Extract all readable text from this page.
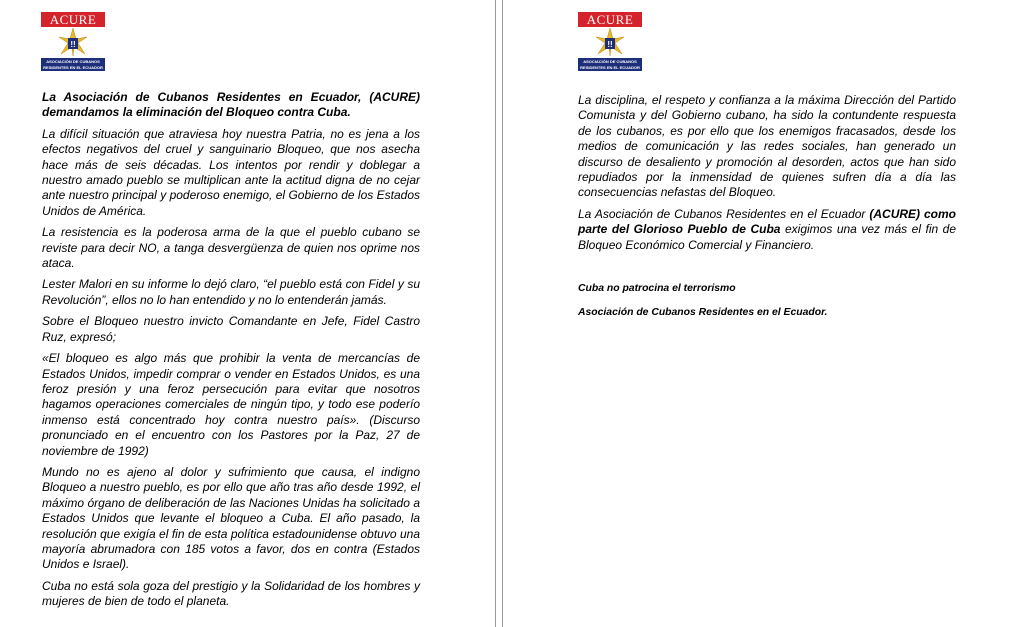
ACURE
!!
ASOCIACIÓN DE CUBANOS
RESIDENTES EN EL ECUADOR

La Asociación de Cubanos Residentes en Ecuador, (ACURE) demandamos la eliminación del Bloqueo contra Cuba.

La difícil situación que atraviesa hoy nuestra Patria, no es jena a los efectos negativos del cruel y sanguinario Bloqueo, que nos asecha hace más de seis décadas. Los intentos por rendir y doblegar a nuestro amado pueblo se multiplican ante la actitud digna de no cejar ante nuestro principal y poderoso enemigo, el Gobierno de los Estados Unidos de América.

La resistencia es la poderosa arma de la que el pueblo cubano se reviste para decir NO, a tanga desvergüenza de quien nos oprime nos ataca.

Lester Malori en su informe lo dejó claro, “el pueblo está con Fidel y su Revolución”, ellos no lo han entendido y no lo entenderán jamás.

Sobre el Bloqueo nuestro invicto Comandante en Jefe, Fidel Castro Ruz, expresó;

«El bloqueo es algo más que prohibir la venta de mercancías de Estados Unidos, impedir comprar o vender en Estados Unidos, es una feroz presión y una feroz persecución para evitar que nosotros hagamos operaciones comerciales de ningún tipo, y todo ese poderío inmenso está concentrado hoy contra nuestro país». (Discurso pronunciado en el encuentro con los Pastores por la Paz, 27 de noviembre de 1992)

Mundo no es ajeno al dolor y sufrimiento que causa, el indigno Bloqueo a nuestro pueblo, es por ello que año tras año desde 1992, el máximo órgano de deliberación de las Naciones Unidas ha solicitado a Estados Unidos que levante el bloqueo a Cuba. El año pasado, la resolución que exigía el fin de esta política estadounidense obtuvo una mayoría abrumadora con 185 votos a favor, dos en contra (Estados Unidos e Israel).

Cuba no está sola goza del prestigio y la Solidaridad de los hombres y mujeres de bien de todo el planeta.

ACURE
!!
ASOCIACIÓN DE CUBANOS
RESIDENTES EN EL ECUADOR

La disciplina, el respeto y confianza a la máxima Dirección del Partido Comunista y del Gobierno cubano, ha sido la contundente respuesta de los cubanos, es por ello que los enemigos fracasados, desde los medios de comunicación y las redes sociales, han generado un discurso de desaliento y promoción al desorden, actos que han sido repudiados por la inmensidad de quienes sufren día a día las consecuencias nefastas del Bloqueo.

La Asociación de Cubanos Residentes en el Ecuador (ACURE) como parte del Glorioso Pueblo de Cuba exigimos una vez más el fin de Bloqueo Económico Comercial y Financiero.

Cuba no patrocina el terrorismo

Asociación de Cubanos Residentes en el Ecuador.
